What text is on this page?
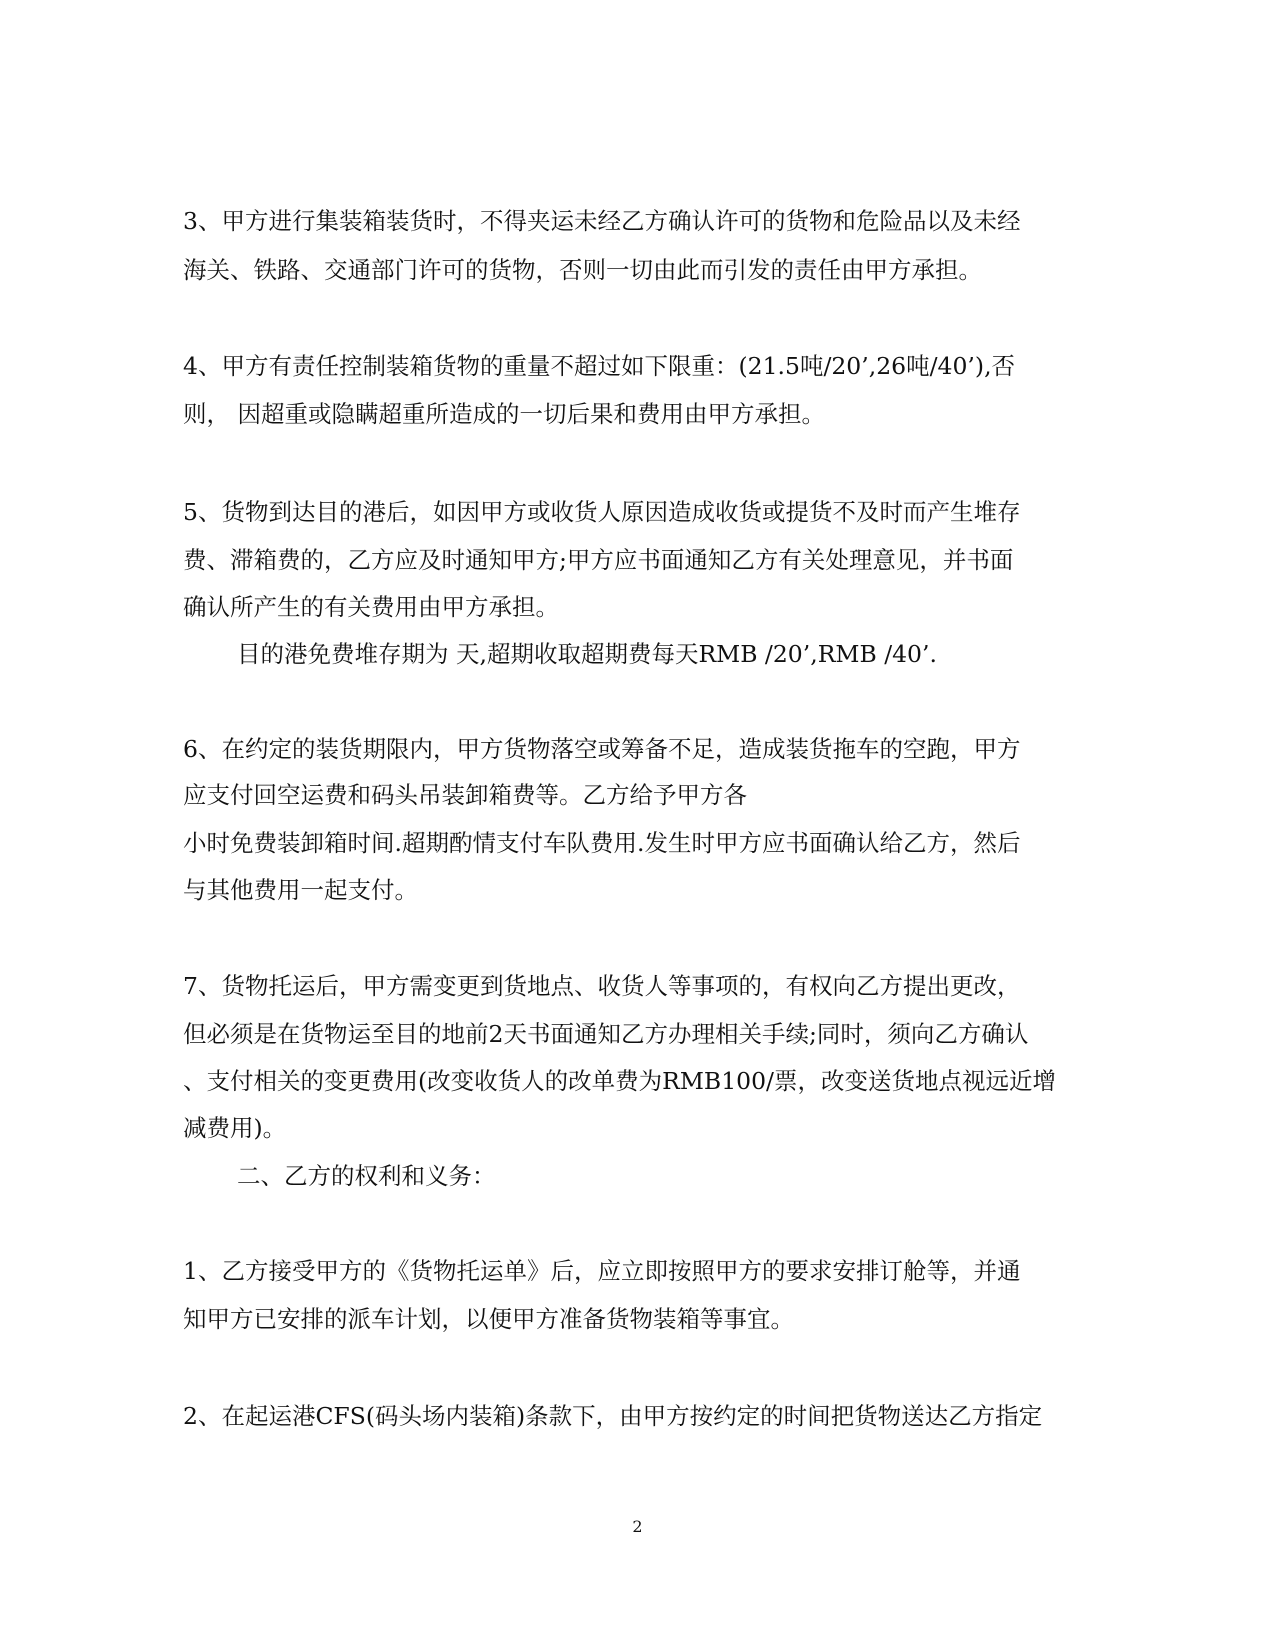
3、甲方进行集装箱装货时，不得夹运未经乙方确认许可的货物和危险品以及未经
海关、铁路、交通部门许可的货物，否则一切由此而引发的责任由甲方承担。
4、甲方有责任控制装箱货物的重量不超过如下限重：(21.5吨/20’,26吨/40’),否
则， 因超重或隐瞒超重所造成的一切后果和费用由甲方承担。
5、货物到达目的港后，如因甲方或收货人原因造成收货或提货不及时而产生堆存
费、滞箱费的，乙方应及时通知甲方;甲方应书面通知乙方有关处理意见，并书面
确认所产生的有关费用由甲方承担。
目的港免费堆存期为 天,超期收取超期费每天RMB /20’,RMB /40’.
6、在约定的装货期限内，甲方货物落空或筹备不足，造成装货拖车的空跑，甲方
应支付回空运费和码头吊装卸箱费等。乙方给予甲方各
小时免费装卸箱时间.超期酌情支付车队费用.发生时甲方应书面确认给乙方，然后
与其他费用一起支付。
7、货物托运后，甲方需变更到货地点、收货人等事项的，有权向乙方提出更改，
但必须是在货物运至目的地前2天书面通知乙方办理相关手续;同时，须向乙方确认
、支付相关的变更费用(改变收货人的改单费为RMB100/票，改变送货地点视远近增
减费用)。
二、乙方的权利和义务：
1、乙方接受甲方的《货物托运单》后，应立即按照甲方的要求安排订舱等，并通
知甲方已安排的派车计划，以便甲方准备货物装箱等事宜。
2、在起运港CFS(码头场内装箱)条款下，由甲方按约定的时间把货物送达乙方指定
2
